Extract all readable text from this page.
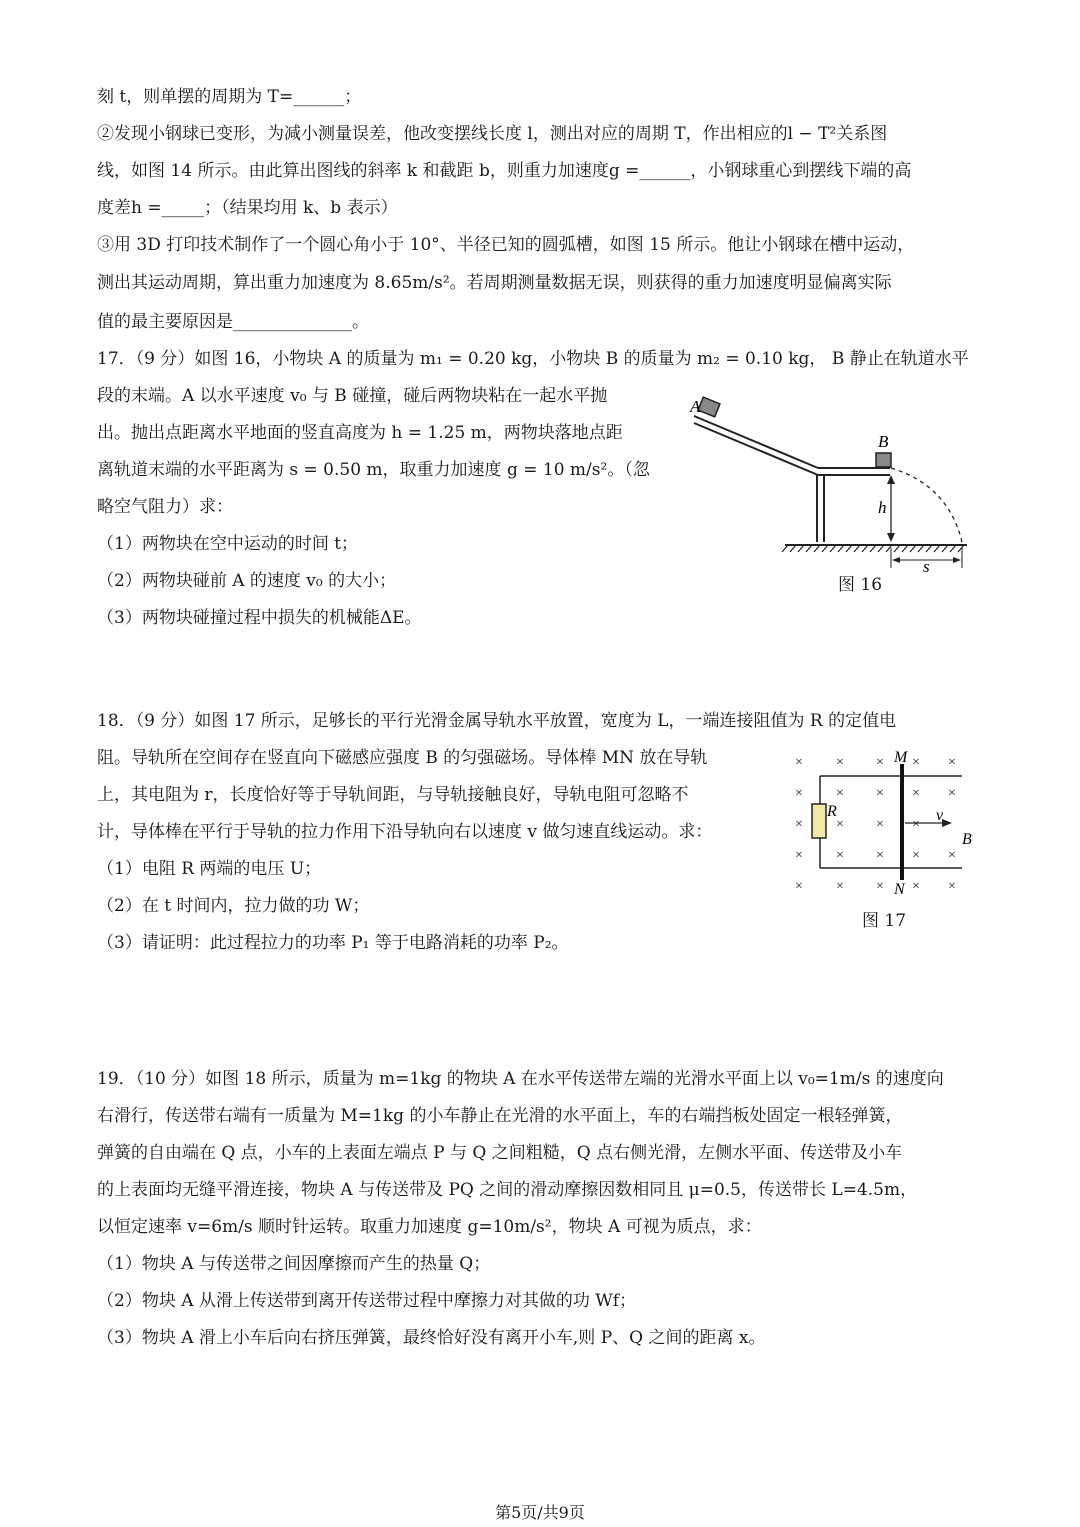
刻 t，则单摆的周期为 T=______；
②发现小钢球已变形，为减小测量误差，他改变摆线长度 l，测出对应的周期 T，作出相应的l − T²关系图
线，如图 14 所示。由此算出图线的斜率 k 和截距 b，则重力加速度g =______，小钢球重心到摆线下端的高
度差h =_____；（结果均用 k、b 表示）
③用 3D 打印技术制作了一个圆心角小于 10°、半径已知的圆弧槽，如图 15 所示。他让小钢球在槽中运动，
测出其运动周期，算出重力加速度为 8.65m/s²。若周期测量数据无误，则获得的重力加速度明显偏离实际
值的最主要原因是______________。
17．（9 分）如图 16，小物块 A 的质量为 m₁ = 0.20 kg，小物块 B 的质量为 m₂ = 0.10 kg， B 静止在轨道水平
段的末端。A 以水平速度 v₀ 与 B 碰撞，碰后两物块粘在一起水平抛
出。抛出点距离水平地面的竖直高度为 h = 1.25 m，两物块落地点距
离轨道末端的水平距离为 s = 0.50 m，取重力加速度 g = 10 m/s²。（忽
略空气阻力）求：
（1）两物块在空中运动的时间 t；
（2）两物块碰前 A 的速度 v₀ 的大小；
（3）两物块碰撞过程中损失的机械能ΔE。
A
B
h
s
图 16
18．（9 分）如图 17 所示，足够长的平行光滑金属导轨水平放置，宽度为 L，一端连接阻值为 R 的定值电
阻。导轨所在空间存在竖直向下磁感应强度 B 的匀强磁场。导体棒 MN 放在导轨
上，其电阻为 r，长度恰好等于导轨间距，与导轨接触良好，导轨电阻可忽略不
计，导体棒在平行于导轨的拉力作用下沿导轨向右以速度 v 做匀速直线运动。求：
（1）电阻 R 两端的电压 U；
（2）在 t 时间内，拉力做的功 W；
（3）请证明：此过程拉力的功率 P₁ 等于电路消耗的功率 P₂。
R
M
N
v
B
× × × × ×
× × × × ×
× × × ×
× × × × ×
× × × × ×
图 17
19．（10 分）如图 18 所示，质量为 m=1kg 的物块 A 在水平传送带左端的光滑水平面上以 v₀=1m/s 的速度向
右滑行，传送带右端有一质量为 M=1kg 的小车静止在光滑的水平面上，车的右端挡板处固定一根轻弹簧，
弹簧的自由端在 Q 点，小车的上表面左端点 P 与 Q 之间粗糙，Q 点右侧光滑，左侧水平面、传送带及小车
的上表面均无缝平滑连接，物块 A 与传送带及 PQ 之间的滑动摩擦因数相同且 μ=0.5，传送带长 L=4.5m，
以恒定速率 v=6m/s 顺时针运转。取重力加速度 g=10m/s²，物块 A 可视为质点，求：
（1）物块 A 与传送带之间因摩擦而产生的热量 Q；
（2）物块 A 从滑上传送带到离开传送带过程中摩擦力对其做的功 Wf；
（3）物块 A 滑上小车后向右挤压弹簧，最终恰好没有离开小车,则 P、Q 之间的距离 x。
第5页/共9页
